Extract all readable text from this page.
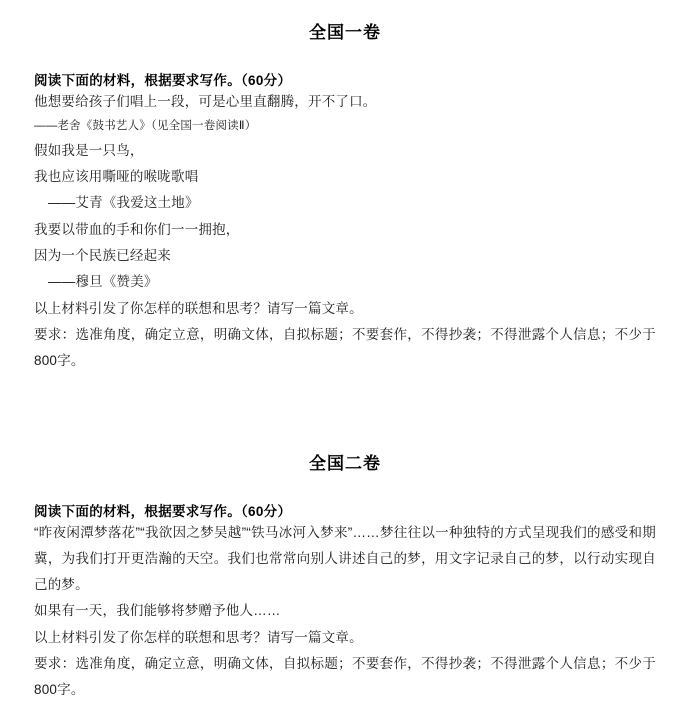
全国一卷
阅读下面的材料，根据要求写作。（60分）
他想要给孩子们唱上一段，可是心里直翻腾，开不了口。
——老舍《鼓书艺人》（见全国一卷阅读Ⅱ）
假如我是一只鸟，
我也应该用嘶哑的喉咙歌唱
——艾青《我爱这土地》
我要以带血的手和你们一一拥抱，
因为一个民族已经起来
——穆旦《赞美》
以上材料引发了你怎样的联想和思考？请写一篇文章。
要求：选准角度，确定立意，明确文体，自拟标题；不要套作，不得抄袭；不得泄露个人信息；不少于800字。
全国二卷
阅读下面的材料，根据要求写作。（60分）
“昨夜闲潭梦落花”“我欲因之梦吴越”“铁马冰河入梦来”……梦往往以一种独特的方式呈现我们的感受和期冀，为我们打开更浩瀚的天空。我们也常常向别人讲述自己的梦，用文字记录自己的梦，以行动实现自己的梦。
如果有一天，我们能够将梦赠予他人……
以上材料引发了你怎样的联想和思考？请写一篇文章。
要求：选准角度，确定立意，明确文体，自拟标题；不要套作，不得抄袭；不得泄露个人信息；不少于800字。
